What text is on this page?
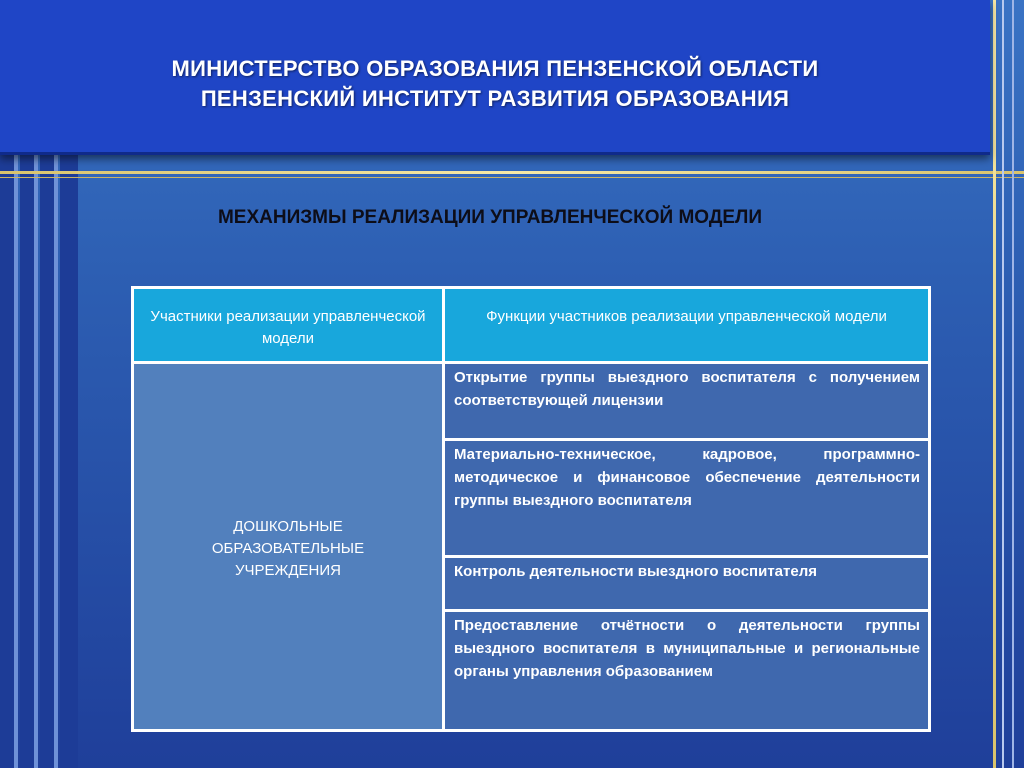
МИНИСТЕРСТВО ОБРАЗОВАНИЯ ПЕНЗЕНСКОЙ ОБЛАСТИ
ПЕНЗЕНСКИЙ ИНСТИТУТ РАЗВИТИЯ ОБРАЗОВАНИЯ
МЕХАНИЗМЫ РЕАЛИЗАЦИИ УПРАВЛЕНЧЕСКОЙ МОДЕЛИ
Участники реализации управленческой модели
Функции участников реализации управленческой модели
ДОШКОЛЬНЫЕ ОБРАЗОВАТЕЛЬНЫЕ УЧРЕЖДЕНИЯ
Открытие группы выездного воспитателя с получением соответствующей лицензии
Материально-техническое, кадровое, программно-методическое и финансовое обеспечение деятельности группы выездного воспитателя
Контроль деятельности выездного воспитателя
Предоставление отчётности о деятельности группы выездного воспитателя в муниципальные и региональные органы управления образованием
